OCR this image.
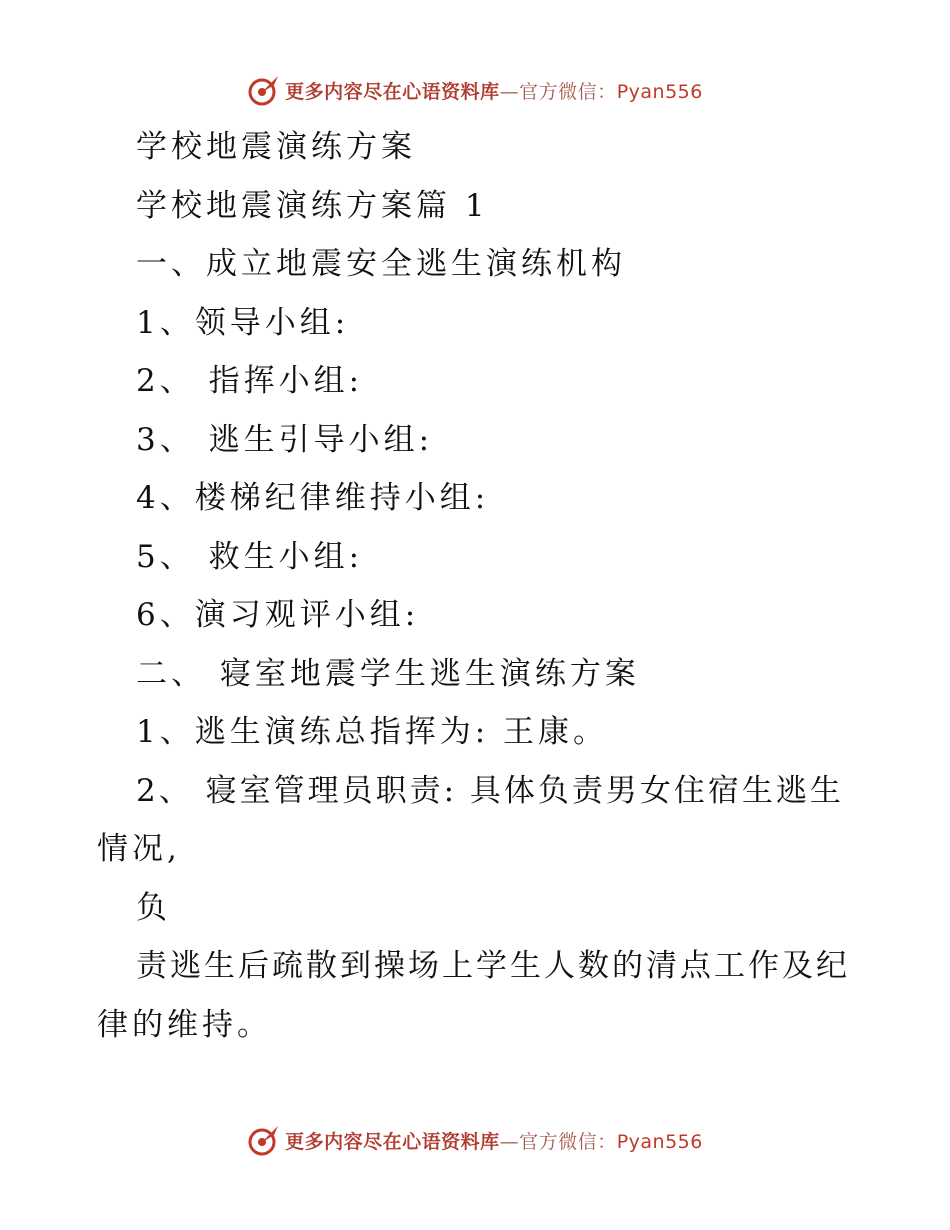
更多内容尽在心语资料库—官方微信：Pyan556
学校地震演练方案
学校地震演练方案篇 1
一、成立地震安全逃生演练机构
1、领导小组:
2、 指挥小组:
3、 逃生引导小组:
4、楼梯纪律维持小组:
5、 救生小组:
6、演习观评小组:
二、 寝室地震学生逃生演练方案
1、逃生演练总指挥为: 王康。
2、 寝室管理员职责: 具体负责男女住宿生逃生
情况,
负
责逃生后疏散到操场上学生人数的清点工作及纪
律的维持。
更多内容尽在心语资料库—官方微信：Pyan556
